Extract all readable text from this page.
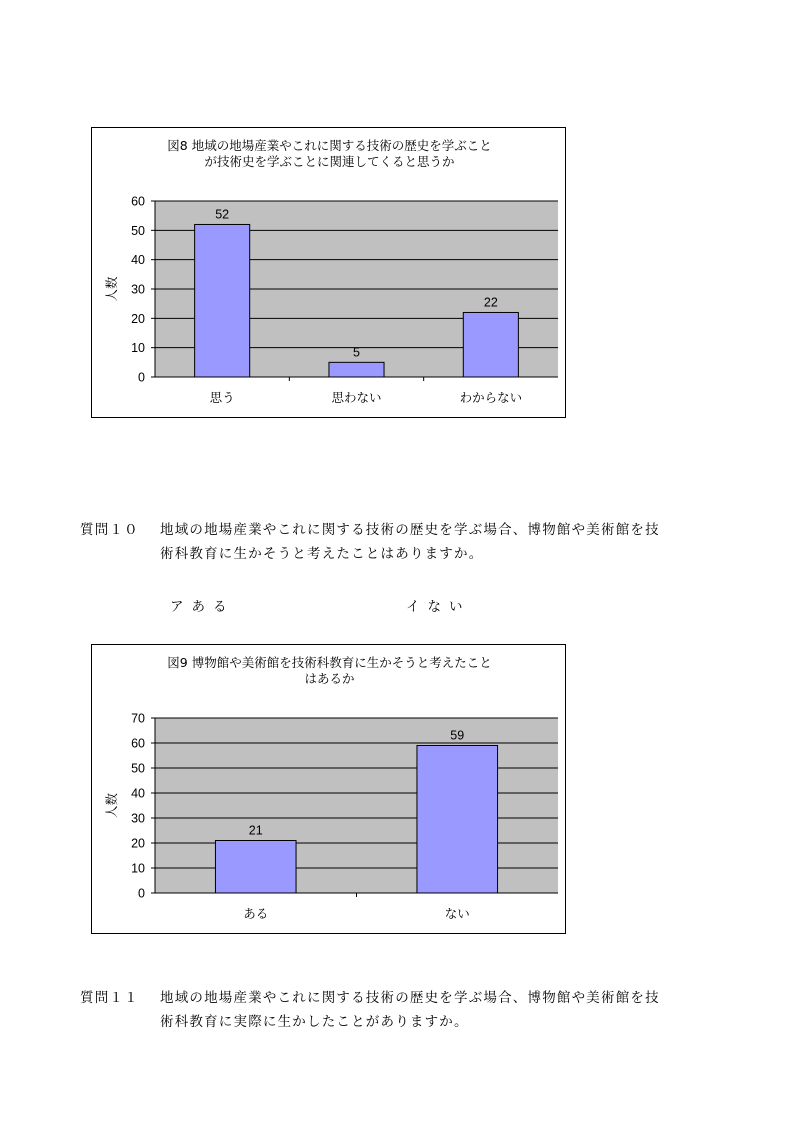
図8 地域の地場産業やこれに関する技術の歴史を学ぶこと
が技術史を学ぶことに関連してくると思うか
0
10
20
30
40
50
60
52
思う
5
思わない
22
わからない
人数
質問１０ 地域の地場産業やこれに関する技術の歴史を学ぶ場合、博物館や美術館を技
術科教育に生かそうと考えたことはありますか。
アある	イない
図9 博物館や美術館を技術科教育に生かそうと考えたこと
はあるか
0
10
20
30
40
50
60
70
21
ある
59
ない
人数
質問１１ 地域の地場産業やこれに関する技術の歴史を学ぶ場合、博物館や美術館を技
術科教育に実際に生かしたことがありますか。
